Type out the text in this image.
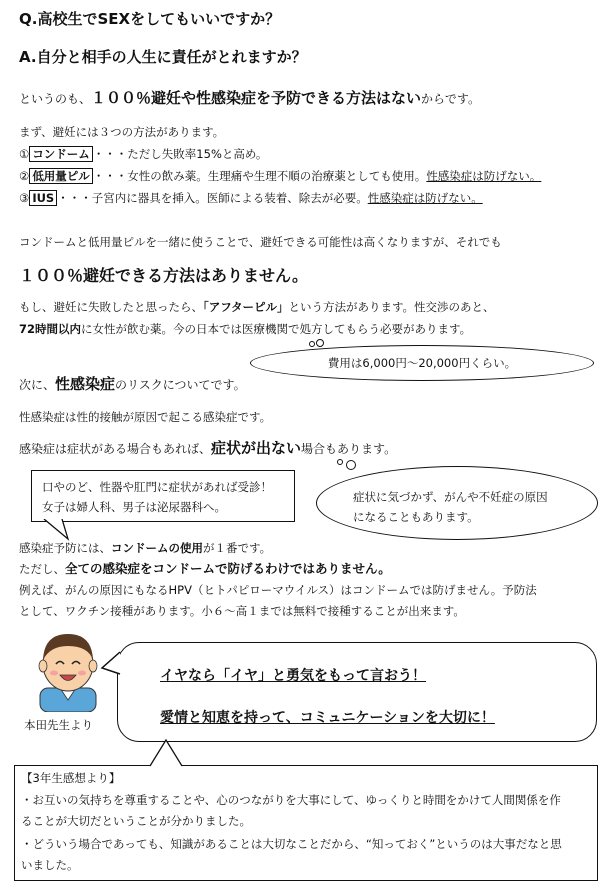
Q.高校生でSEXをしてもいいですか？
A.自分と相手の人生に責任がとれますか？
というのも、１００％避妊や性感染症を予防できる方法はないからです。
まず、避妊には３つの方法があります。
① コンドーム ・・・ただし失敗率15%と高め。
② 低用量ピル ・・・女性の飲み薬。生理痛や生理不順の治療薬としても使用。性感染症は防げない。
③ IUS ・・・子宮内に器具を挿入。医師による装着、除去が必要。性感染症は防げない。
コンドームと低用量ピルを一緒に使うことで、避妊できる可能性は高くなりますが、それでも
１００％避妊できる方法はありません。
もし、避妊に失敗したと思ったら、「アフターピル」という方法があります。性交渉のあと、
72時間以内に女性が飲む薬。今の日本では医療機関で処方してもらう必要があります。
費用は6,000円〜20,000円くらい。
次に、性感染症のリスクについてです。
性感染症は性的接触が原因で起こる感染症です。
感染症は症状がある場合もあれば、症状が出ない場合もあります。
口やのど、性器や肛門に症状があれば受診！
女子は婦人科、男子は泌尿器科へ。
症状に気づかず、がんや不妊症の原因
になることもあります。
感染症予防には、コンドームの使用が１番です。
ただし、全ての感染症をコンドームで防げるわけではありません。
例えば、がんの原因にもなるHPV（ヒトパピローマウイルス）はコンドームでは防げません。予防法
として、ワクチン接種があります。小６〜高１までは無料で接種することが出来ます。
本田先生より
イヤなら「イヤ」と勇気をもって言おう！
愛情と知恵を持って、コミュニケーションを大切に！
【3年生感想より】
・お互いの気持ちを尊重することや、心のつながりを大事にして、ゆっくりと時間をかけて人間関係を作
ることが大切だということが分かりました。
・どういう場合であっても、知識があることは大切なことだから、“知っておく”というのは大事だなと思
いました。
